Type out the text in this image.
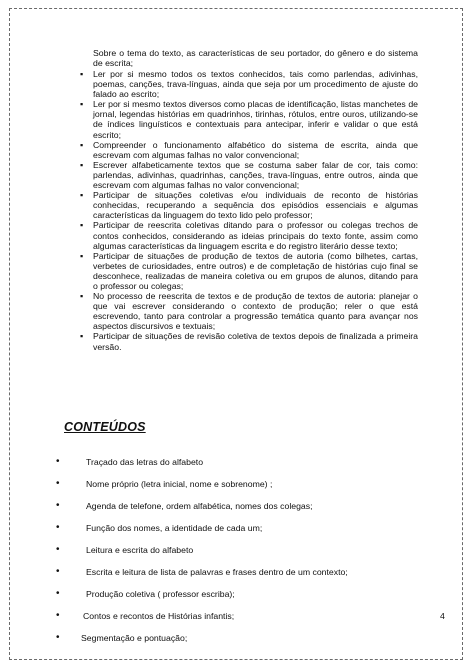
Sobre o tema do texto, as características de seu portador, do gênero e do sistema de escrita;
▪ Ler por si mesmo todos os textos conhecidos, tais como parlendas, adivinhas, poemas, canções, trava-línguas, ainda que seja por um procedimento de ajuste do falado ao escrito;
▪ Ler por si mesmo textos diversos como placas de identificação, listas manchetes de jornal, legendas histórias em quadrinhos, tirinhas, rótulos, entre ouros, utilizando-se de índices linguísticos e contextuais para antecipar, inferir e validar o que está escrito;
▪ Compreender o funcionamento alfabético do sistema de escrita, ainda que escrevam com algumas falhas no valor convencional;
▪ Escrever alfabeticamente textos que se costuma saber falar de cor, tais como: parlendas, adivinhas, quadrinhas, canções, trava-línguas, entre outros, ainda que escrevam com algumas falhas no valor convencional;
▪ Participar de situações coletivas e/ou individuais de reconto de histórias conhecidas, recuperando a sequência dos episódios essenciais e algumas características da linguagem do texto lido pelo professor;
▪ Participar de reescrita coletivas ditando para o professor ou colegas trechos de contos conhecidos, considerando as ideias principais do texto fonte, assim como algumas características da linguagem escrita e do registro literário desse texto;
▪ Participar de situações de produção de textos de autoria (como bilhetes, cartas, verbetes de curiosidades, entre outros) e de completação de histórias cujo final se desconhece, realizadas de maneira coletiva ou em grupos de alunos, ditando para o professor ou colegas;
▪ No processo de reescrita de textos e de produção de textos de autoria: planejar o que vai escrever considerando o contexto de produção; reler o que está escrevendo, tanto para controlar a progressão temática quanto para avançar nos aspectos discursivos e textuais;
▪ Participar de situações de revisão coletiva de textos depois de finalizada a primeira versão.
CONTEÚDOS
•	Traçado das letras do alfabeto
•	Nome próprio (letra inicial, nome e sobrenome) ;
•	Agenda de telefone, ordem alfabética, nomes dos colegas;
•	Função dos nomes, a identidade de cada um;
•	Leitura e escrita do alfabeto
•	Escrita e leitura de lista de palavras e frases dentro de um contexto;
•	Produção coletiva ( professor escriba);
•	Contos e recontos de Histórias infantis;
• Segmentação e pontuação;
4
